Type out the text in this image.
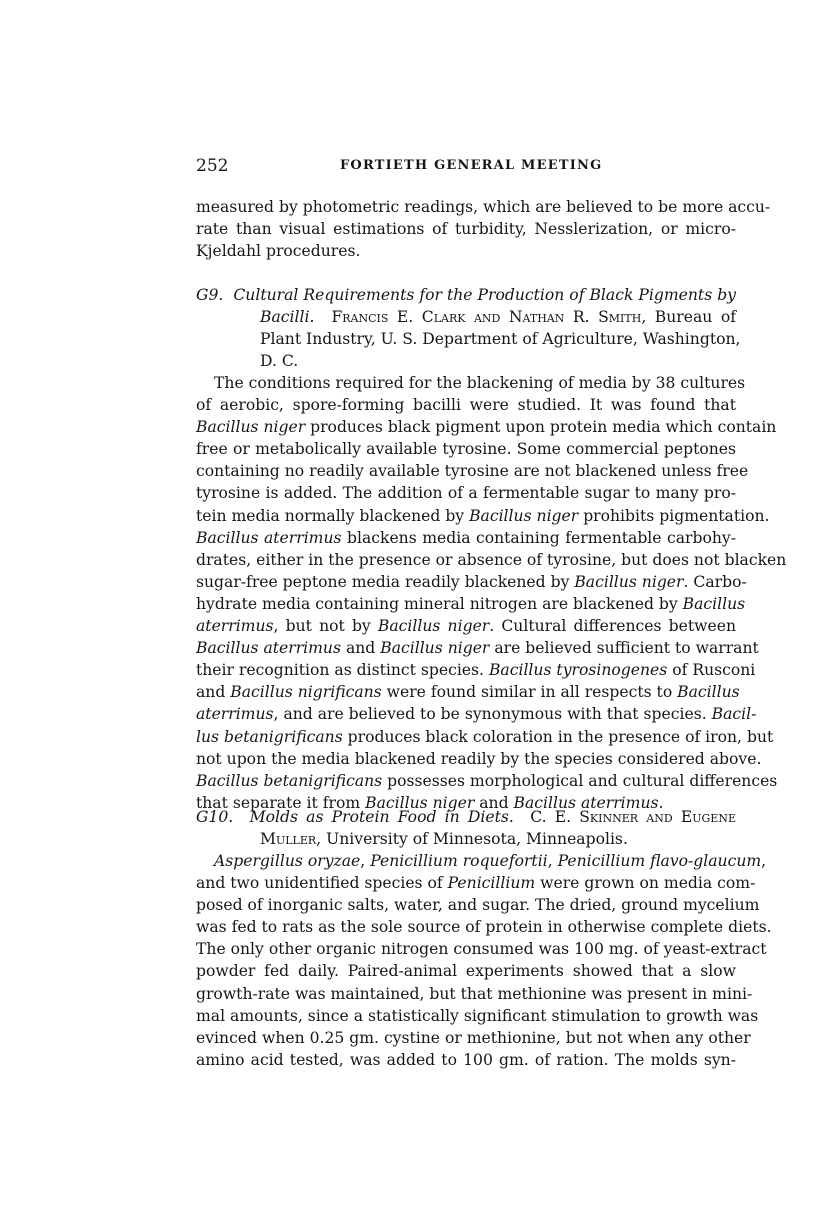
252	FORTIETH GENERAL MEETING
measured by photometric readings, which are believed to be more accu-
rate than visual estimations of turbidity, Nesslerization, or micro-
Kjeldahl procedures.
G9. Cultural Requirements for the Production of Black Pigments by
Bacilli. Francis E. Clark and Nathan R. Smith, Bureau of
Plant Industry, U. S. Department of Agriculture, Washington,
D. C.
The conditions required for the blackening of media by 38 cultures
of aerobic, spore-forming bacilli were studied. It was found that
Bacillus niger produces black pigment upon protein media which contain
free or metabolically available tyrosine. Some commercial peptones
containing no readily available tyrosine are not blackened unless free
tyrosine is added. The addition of a fermentable sugar to many pro-
tein media normally blackened by Bacillus niger prohibits pigmentation.
Bacillus aterrimus blackens media containing fermentable carbohy-
drates, either in the presence or absence of tyrosine, but does not blacken
sugar-free peptone media readily blackened by Bacillus niger. Carbo-
hydrate media containing mineral nitrogen are blackened by Bacillus
aterrimus, but not by Bacillus niger. Cultural differences between
Bacillus aterrimus and Bacillus niger are believed sufficient to warrant
their recognition as distinct species. Bacillus tyrosinogenes of Rusconi
and Bacillus nigrificans were found similar in all respects to Bacillus
aterrimus, and are believed to be synonymous with that species. Bacil-
lus betanigrificans produces black coloration in the presence of iron, but
not upon the media blackened readily by the species considered above.
Bacillus betanigrificans possesses morphological and cultural differences
that separate it from Bacillus niger and Bacillus aterrimus.
G10. Molds as Protein Food in Diets. C. E. Skinner and Eugene
Muller, University of Minnesota, Minneapolis.
Aspergillus oryzae, Penicillium roquefortii, Penicillium flavo-glaucum,
and two unidentified species of Penicillium were grown on media com-
posed of inorganic salts, water, and sugar. The dried, ground mycelium
was fed to rats as the sole source of protein in otherwise complete diets.
The only other organic nitrogen consumed was 100 mg. of yeast-extract
powder fed daily. Paired-animal experiments showed that a slow
growth-rate was maintained, but that methionine was present in mini-
mal amounts, since a statistically significant stimulation to growth was
evinced when 0.25 gm. cystine or methionine, but not when any other
amino acid tested, was added to 100 gm. of ration. The molds syn-
